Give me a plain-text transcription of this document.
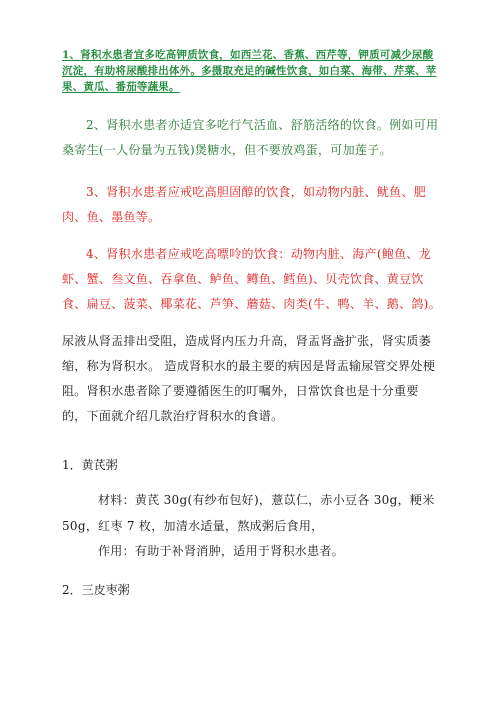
1、肾积水患者宜多吃高钾质饮食，如西兰花、香蕉、西芹等，钾质可减少尿酸沉淀，有助将尿酸排出体外。多摄取充足的碱性饮食，如白菜、海带、芹菜、苹果、黄瓜、番茄等蔬果。

2、肾积水患者亦适宜多吃行气活血、舒筋活络的饮食。例如可用桑寄生(一人份量为五钱)煲糖水，但不要放鸡蛋，可加莲子。

3、肾积水患者应戒吃高胆固醇的饮食，如动物内脏、鱿鱼、肥肉、鱼、墨鱼等。

4、肾积水患者应戒吃高嘌呤的饮食：动物内脏、海产(鲍鱼、龙虾、蟹、叁文鱼、吞拿鱼、鲈鱼、鳟鱼、鳕鱼)、贝壳饮食、黄豆饮食、扁豆、菠菜、椰菜花、芦笋、蘑菇、肉类(牛、鸭、羊、鹅、鸽)。

尿液从肾盂排出受阻，造成肾内压力升高，肾盂肾盏扩张，肾实质萎缩，称为肾积水。 造成肾积水的最主要的病因是肾盂输尿管交界处梗阻。肾积水患者除了要遵循医生的叮嘱外，日常饮食也是十分重要的，下面就介绍几款治疗肾积水的食谱。

1．黄芪粥

材料：黄芪 30g(有纱布包好)，薏苡仁，赤小豆各 30g，粳米 50g，红枣 7 枚，加清水适量，熬成粥后食用，

作用：有助于补肾消肿，适用于肾积水患者。

2．三皮枣粥
